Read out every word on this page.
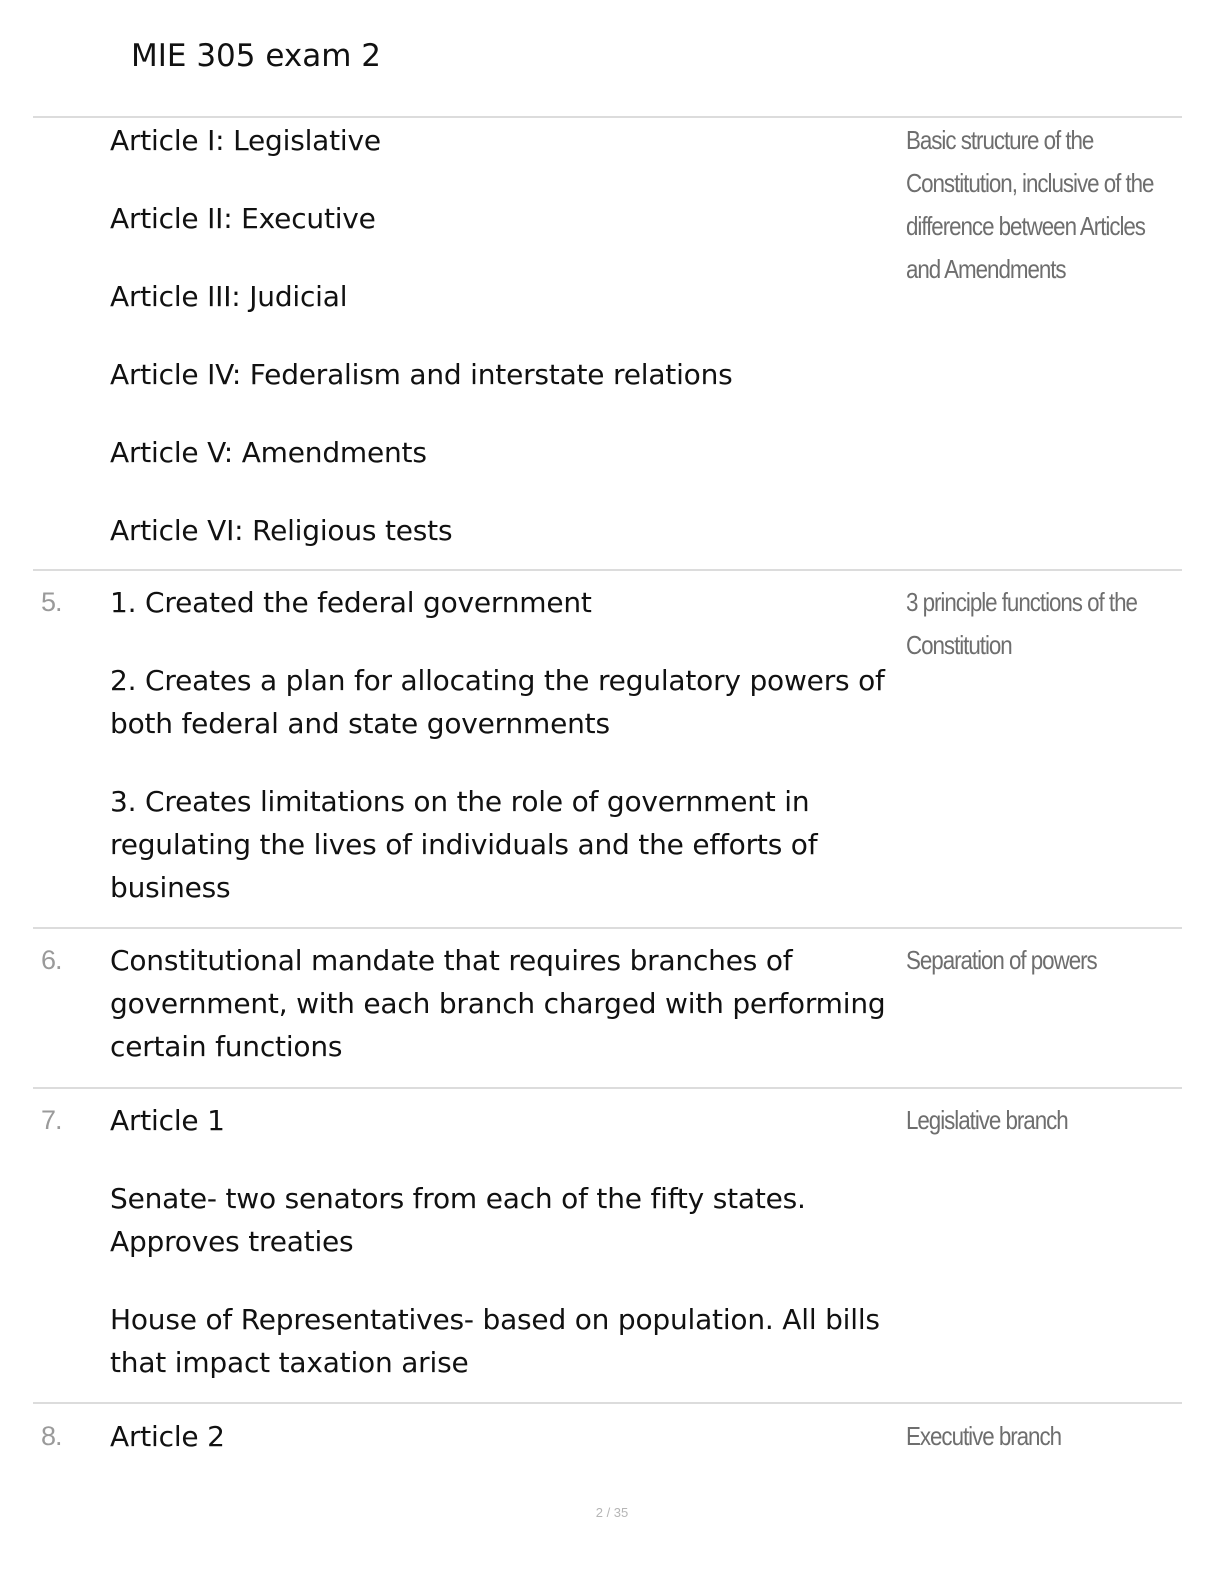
MIE 305 exam 2

Article I: Legislative

Article II: Executive

Article III: Judicial

Article IV: Federalism and interstate relations

Article V: Amendments

Article VI: Religious tests

Basic structure of the Constitution, inclusive of the difference between Articles and Amendments
5. 1. Created the federal government

2. Creates a plan for allocating the regulatory powers of both federal and state governments

3. Creates limitations on the role of government in regulating the lives of individuals and the efforts of business

3 principle functions of the Constitution
6. Constitutional mandate that requires branches of government, with each branch charged with performing certain functions

Separation of powers
7. Article 1

Senate- two senators from each of the fifty states. Approves treaties

House of Representatives- based on population. All bills that impact taxation arise

Legislative branch
8. Article 2	Executive branch
2 / 35
